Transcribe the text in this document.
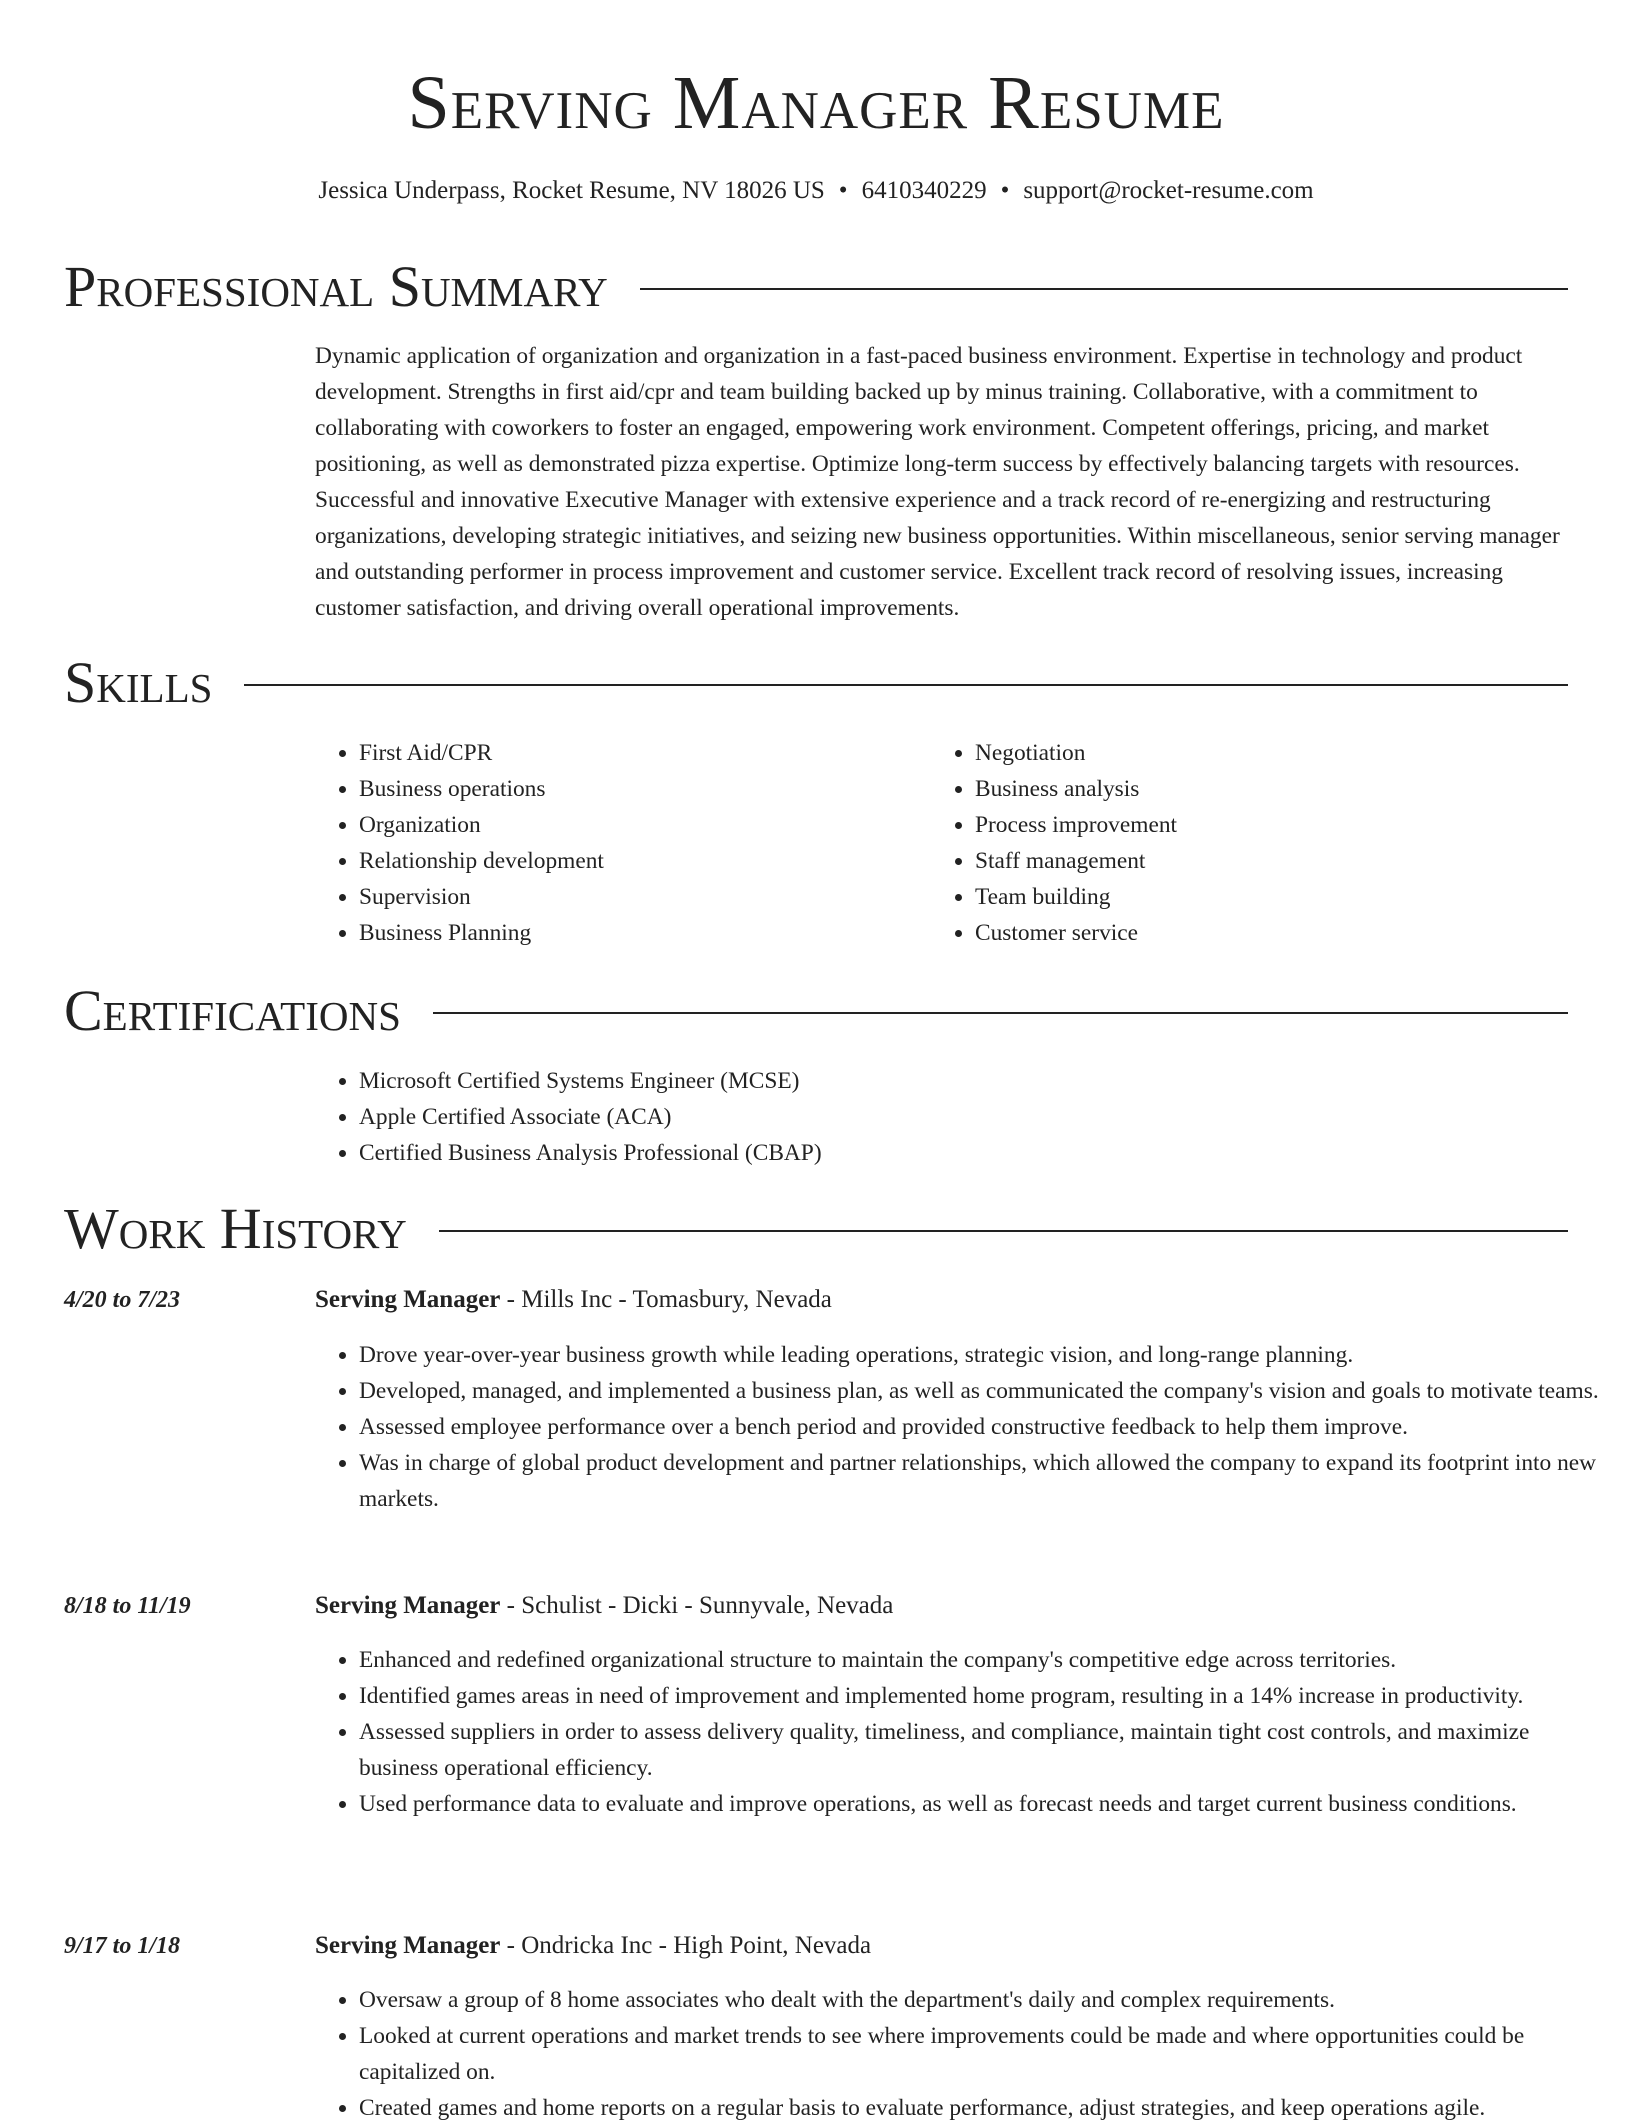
Serving Manager Resume
Jessica Underpass, Rocket Resume, NV 18026 US • 6410340229 • support@rocket-resume.com
Professional Summary

Dynamic application of organization and organization in a fast-paced business environment. Expertise in technology and product development. Strengths in first aid/cpr and team building backed up by minus training. Collaborative, with a commitment to collaborating with coworkers to foster an engaged, empowering work environment. Competent offerings, pricing, and market positioning, as well as demonstrated pizza expertise. Optimize long-term success by effectively balancing targets with resources. Successful and innovative Executive Manager with extensive experience and a track record of re-energizing and restructuring organizations, developing strategic initiatives, and seizing new business opportunities. Within miscellaneous, senior serving manager and outstanding performer in process improvement and customer service. Excellent track record of resolving issues, increasing customer satisfaction, and driving overall operational improvements.

Skills
• First Aid/CPR
• Business operations
• Organization
• Relationship development
• Supervision
• Business Planning
• Negotiation
• Business analysis
• Process improvement
• Staff management
• Team building
• Customer service
Certifications
• Microsoft Certified Systems Engineer (MCSE)
• Apple Certified Associate (ACA)
• Certified Business Analysis Professional (CBAP)
Work History
4/20 to 7/23	Serving Manager - Mills Inc - Tomasbury, Nevada
• Drove year-over-year business growth while leading operations, strategic vision, and long-range planning.
• Developed, managed, and implemented a business plan, as well as communicated the company's vision and goals to motivate teams.
• Assessed employee performance over a bench period and provided constructive feedback to help them improve.
• Was in charge of global product development and partner relationships, which allowed the company to expand its footprint into new markets.
8/18 to 11/19	Serving Manager - Schulist - Dicki - Sunnyvale, Nevada
• Enhanced and redefined organizational structure to maintain the company's competitive edge across territories.
• Identified games areas in need of improvement and implemented home program, resulting in a 14% increase in productivity.
• Assessed suppliers in order to assess delivery quality, timeliness, and compliance, maintain tight cost controls, and maximize business operational efficiency.
• Used performance data to evaluate and improve operations, as well as forecast needs and target current business conditions.
9/17 to 1/18	Serving Manager - Ondricka Inc - High Point, Nevada
• Oversaw a group of 8 home associates who dealt with the department's daily and complex requirements.
• Looked at current operations and market trends to see where improvements could be made and where opportunities could be capitalized on.
• Created games and home reports on a regular basis to evaluate performance, adjust strategies, and keep operations agile.
